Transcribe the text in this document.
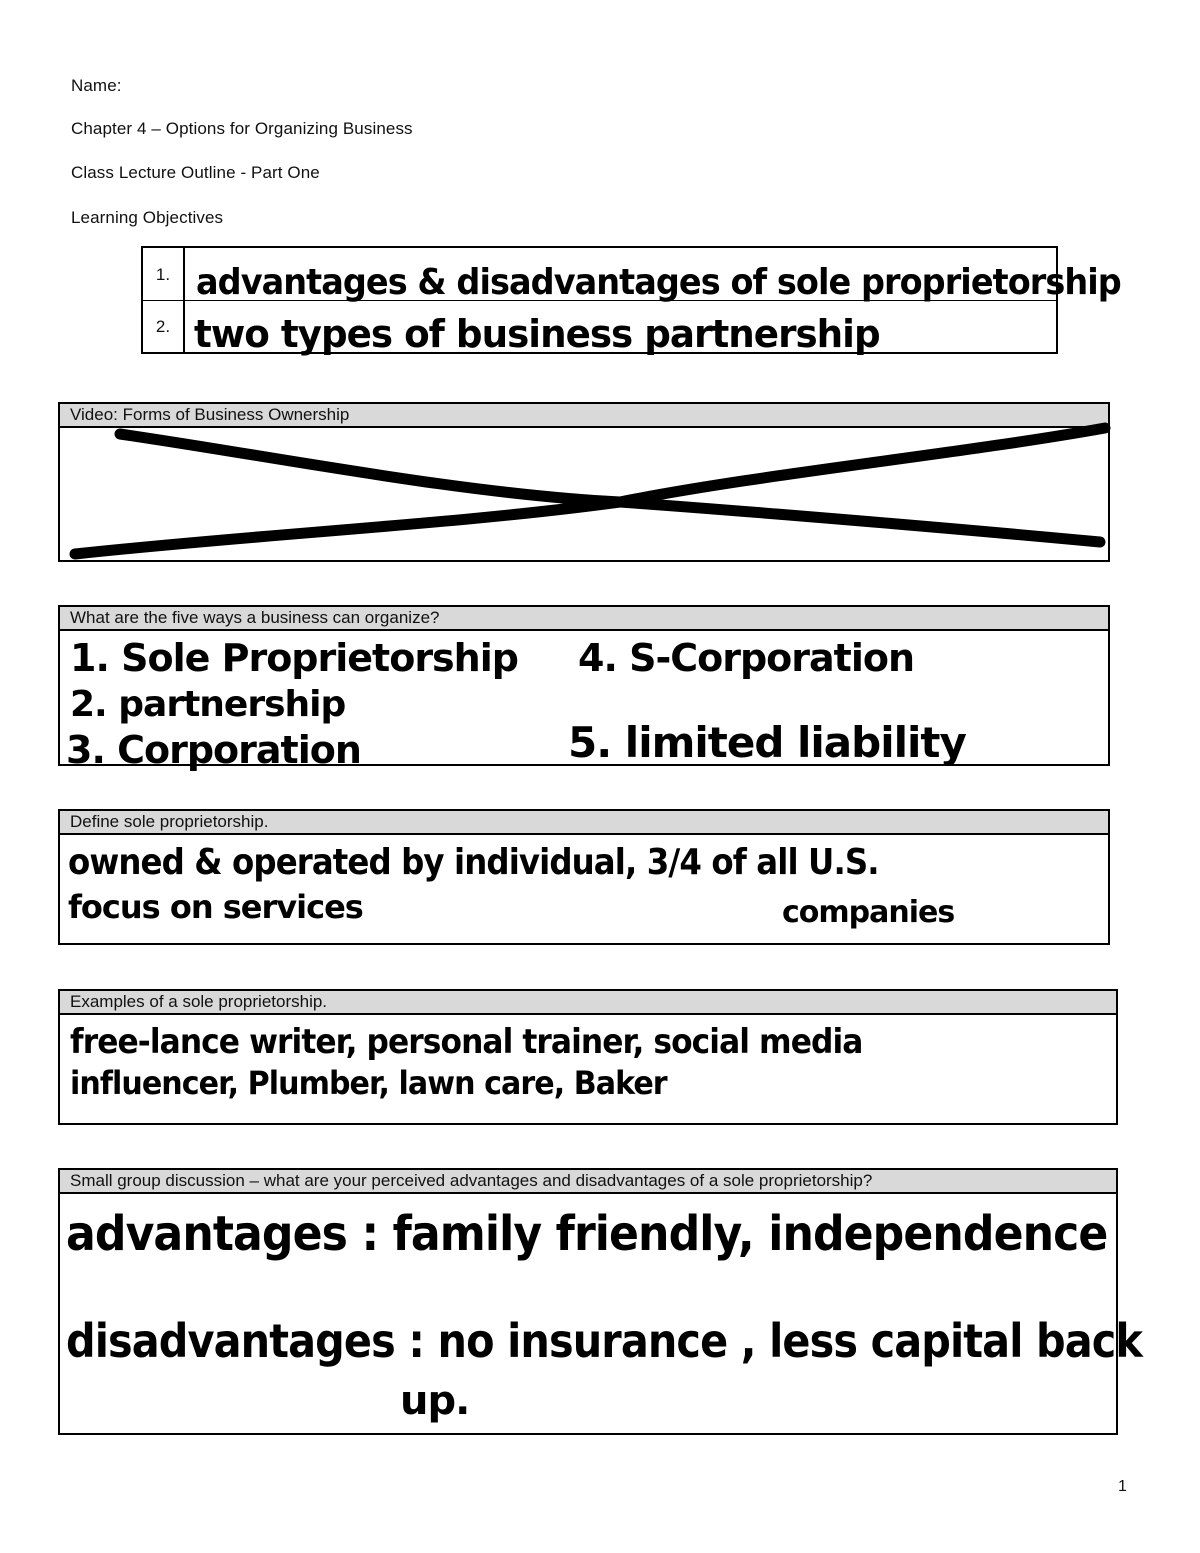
Name:
Chapter 4 – Options for Organizing Business
Class Lecture Outline - Part One
Learning Objectives
1.
2.
advantages & disadvantages of sole proprietorship
two types of business partnership
Video: Forms of Business Ownership
What are the five ways a business can organize?
1. Sole Proprietorship
2. partnership
3. Corporation
4. S-Corporation
5. limited liability
Define sole proprietorship.
owned & operated by individual, 3/4 of all U.S.
focus on services	companies
Examples of a sole proprietorship.
free-lance writer, personal trainer, social media
influencer, Plumber, lawn care, Baker
Small group discussion – what are your perceived advantages and disadvantages of a sole proprietorship?
advantages : family friendly, independence
disadvantages : no insurance , less capital back
up.
1
